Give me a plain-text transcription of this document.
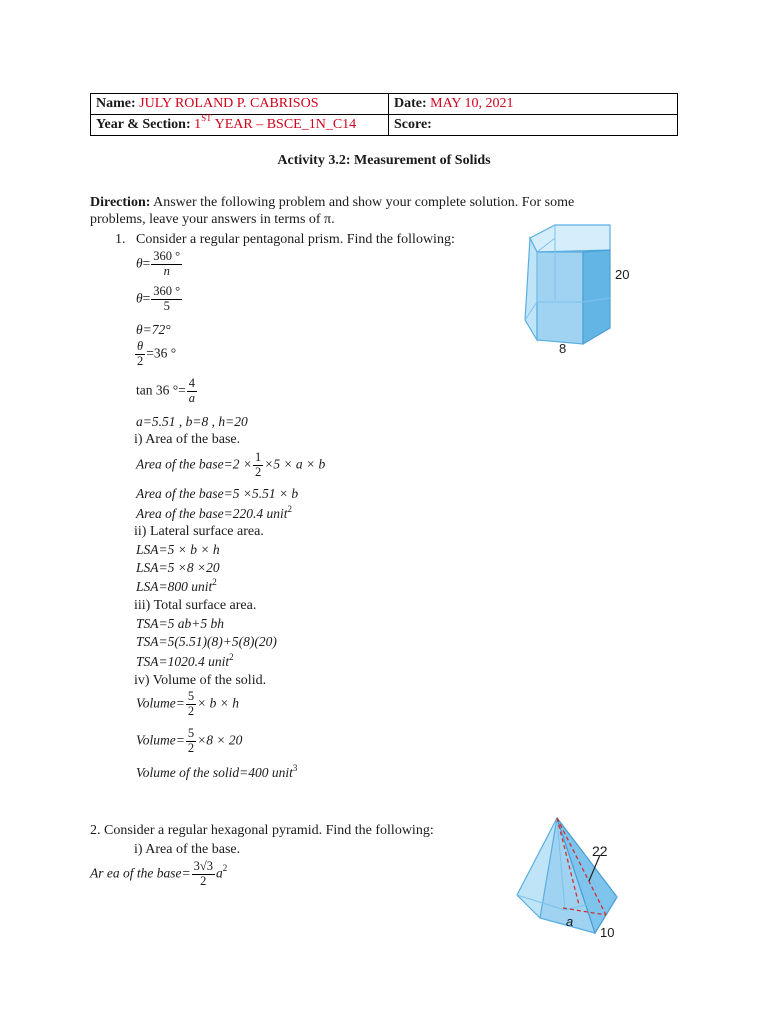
Name: JULY ROLAND P. CABRISOS	Date: MAY 10, 2021
Year & Section: 1ST YEAR – BSCE_1N_C14	Score:
Activity 3.2: Measurement of Solids
Direction: Answer the following problem and show your complete solution. For some
problems, leave your answers in terms of π.
1. Consider a regular pentagonal prism. Find the following:
$\theta= \frac{360 ^\circ}{n}$
$\theta= \frac{360 ^\circ}{5}$
θ=72°
$\frac{\theta}{2} =36$ °
tan 36 °= $\frac{4}{a}$
a=5.51 , b=8 , h=20
i) Area of the base.
Area of the base=2 × $\frac{1}{2} \times 5 \times a \times b$
Area of the base=5 ×5.51 × b
Area of the base=220.4 unit$^2$
ii) Lateral surface area.
LSA=5 × b × h
LSA=5 ×8 ×20
LSA=800 unit$^2$
iii) Total surface area.
TSA=5 ab+5 bh
TSA=5(5.51)(8)+5(8)(20)
TSA=1020.4 unit$^2$
iv) Volume of the solid.
Volume= $\frac{5}{2} \times b \times h$
Volume= $\frac{5}{2} \times 8 \times 20$
Volume of the solid=400 unit$^3$
2. Consider a regular hexagonal pyramid. Find the following:
i) Area of the base.
Ar ea of the base= $\frac{3√3}{2} a^2$
20
8
22
a
10
